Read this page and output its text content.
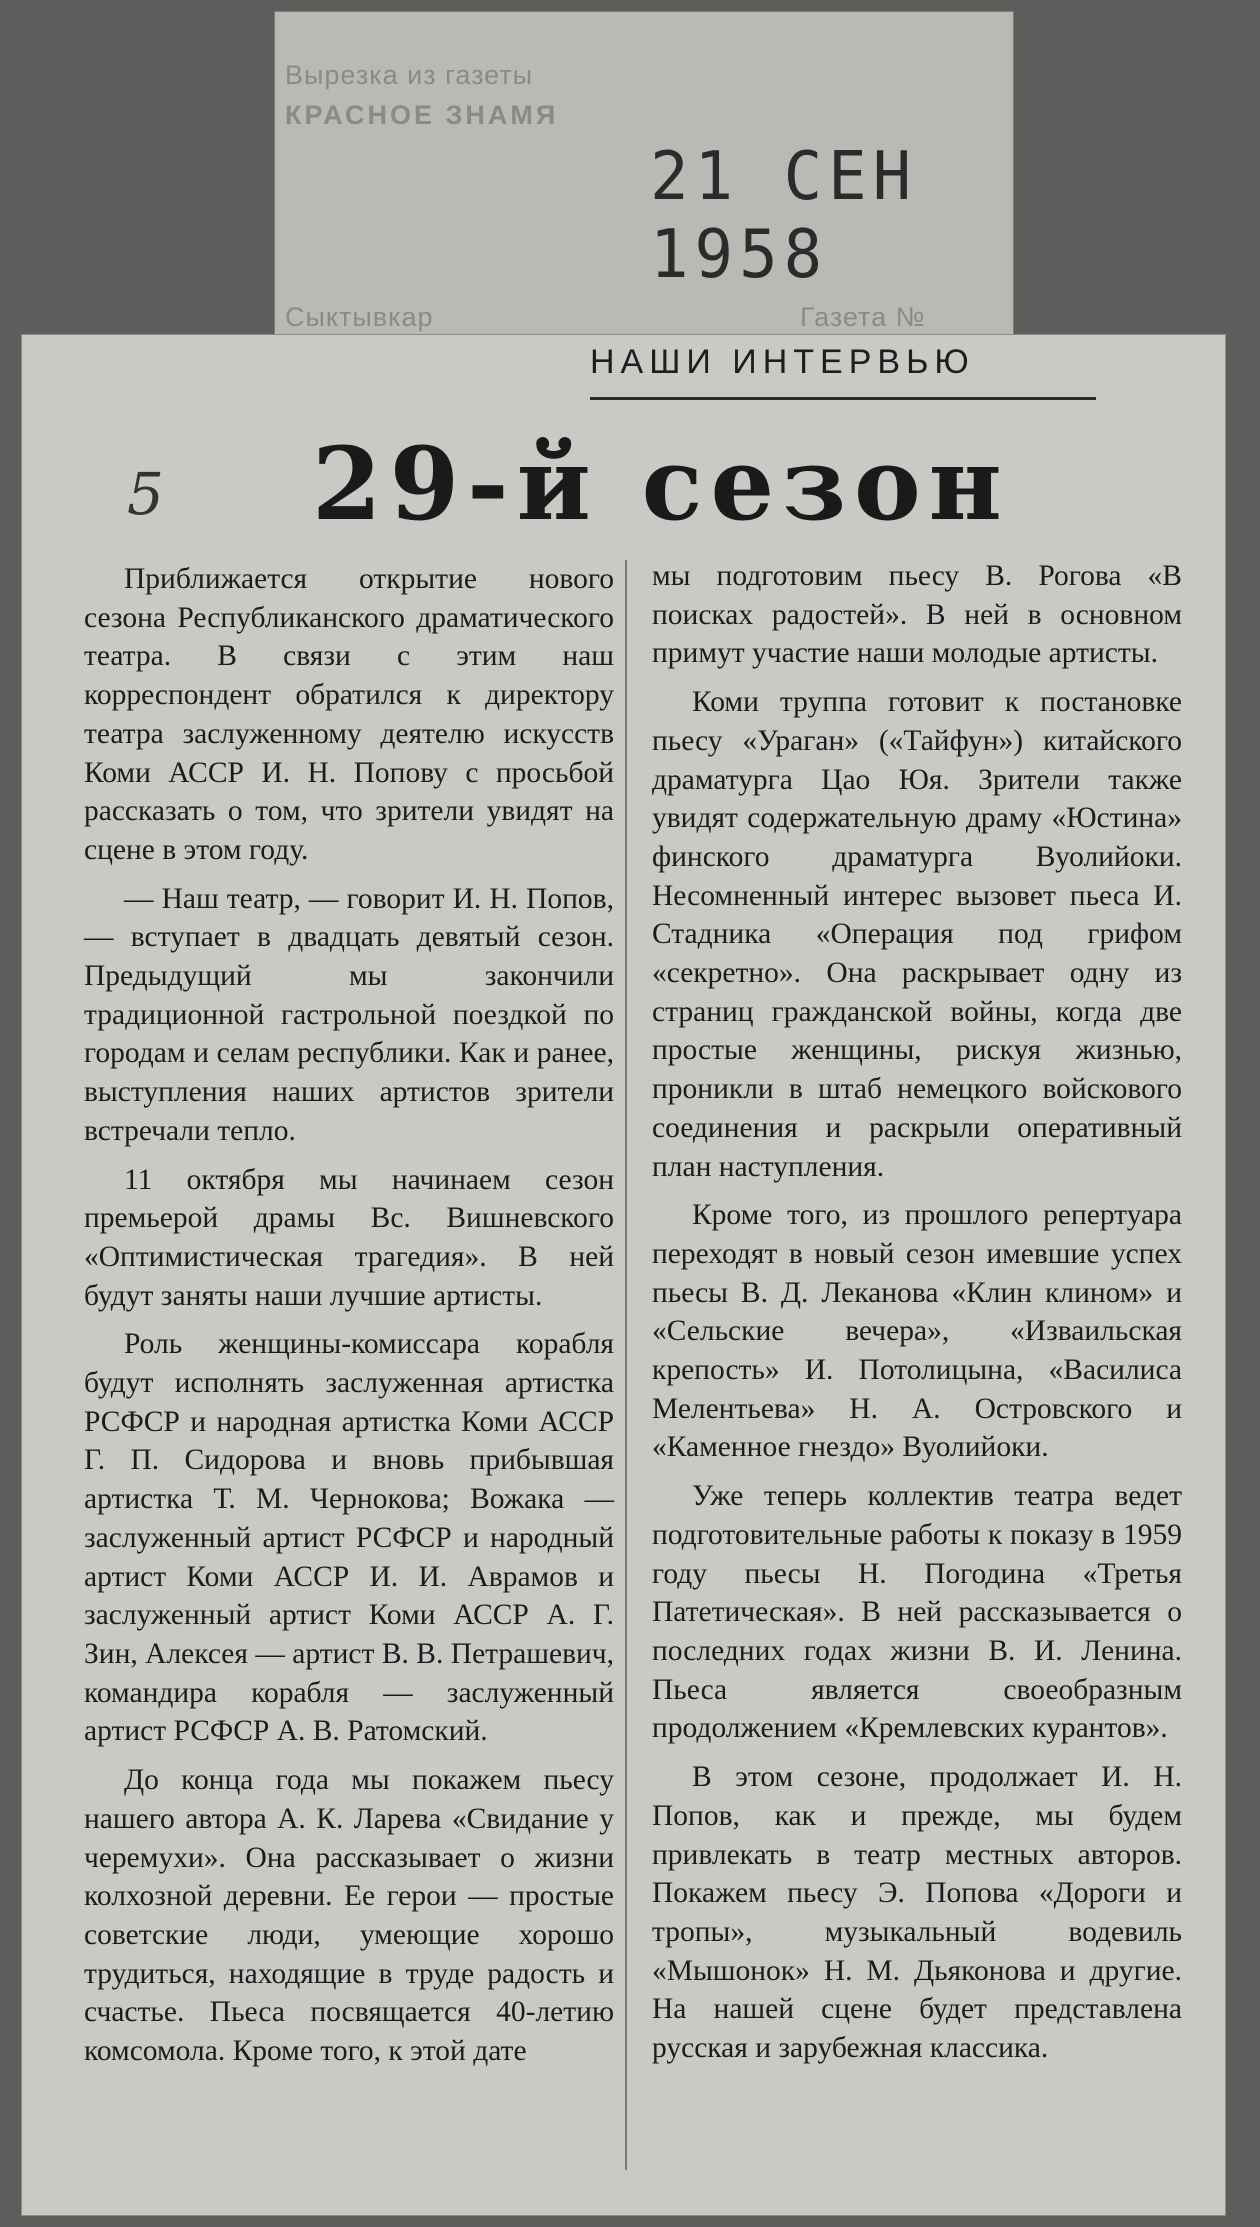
Вырезка из газеты
КРАСНОЕ ЗНАМЯ
21 СЕН 1958
Сыктывкар	Газета №
НАШИ ИНТЕРВЬЮ
5 29-й сезон

Приближается открытие нового сезона Республиканского драматического театра. В связи с этим наш корреспондент обратился к директору театра заслуженному деятелю искусств Коми АССР И. Н. Попову с просьбой рассказать о том, что зрители увидят на сцене в этом году.

— Наш театр, — говорит И. Н. Попов, — вступает в двадцать девятый сезон. Предыдущий мы закончили традиционной гастрольной поездкой по городам и селам республики. Как и ранее, выступления наших артистов зрители встречали тепло.

11 октября мы начинаем сезон премьерой драмы Вс. Вишневского «Оптимистическая трагедия». В ней будут заняты наши лучшие артисты.

Роль женщины-комиссара корабля будут исполнять заслуженная артистка РСФСР и народная артистка Коми АССР Г. П. Сидорова и вновь прибывшая артистка Т. М. Чернокова; Вожака — заслуженный артист РСФСР и народный артист Коми АССР И. И. Аврамов и заслуженный артист Коми АССР А. Г. Зин, Алексея — артист В. В. Петрашевич, командира корабля — заслуженный артист РСФСР А. В. Ратомский.

До конца года мы покажем пьесу нашего автора А. К. Ларева «Свидание у черемухи». Она рассказывает о жизни колхозной деревни. Ее герои — простые советские люди, умеющие хорошо трудиться, находящие в труде радость и счастье. Пьеса посвящается 40-летию комсомола. Кроме того, к этой дате

мы подготовим пьесу В. Рогова «В поисках радостей». В ней в основном примут участие наши молодые артисты.

Коми труппа готовит к постановке пьесу «Ураган» («Тайфун») китайского драматурга Цао Юя. Зрители также увидят содержательную драму «Юстина» финского драматурга Вуолийоки. Несомненный интерес вызовет пьеса И. Стадника «Операция под грифом «секретно». Она раскрывает одну из страниц гражданской войны, когда две простые женщины, рискуя жизнью, проникли в штаб немецкого войскового соединения и раскрыли оперативный план наступления.

Кроме того, из прошлого репертуара переходят в новый сезон имевшие успех пьесы В. Д. Леканова «Клин клином» и «Сельские вечера», «Изваильская крепость» И. Потолицына, «Василиса Мелентьева» Н. А. Островского и «Каменное гнездо» Вуолийоки.

Уже теперь коллектив театра ведет подготовительные работы к показу в 1959 году пьесы Н. Погодина «Третья Патетическая». В ней рассказывается о последних годах жизни В. И. Ленина. Пьеса является своеобразным продолжением «Кремлевских курантов».

В этом сезоне, продолжает И. Н. Попов, как и прежде, мы будем привлекать в театр местных авторов. Покажем пьесу Э. Попова «Дороги и тропы», музыкальный водевиль «Мышонок» Н. М. Дьяконова и другие. На нашей сцене будет представлена русская и зарубежная классика.
